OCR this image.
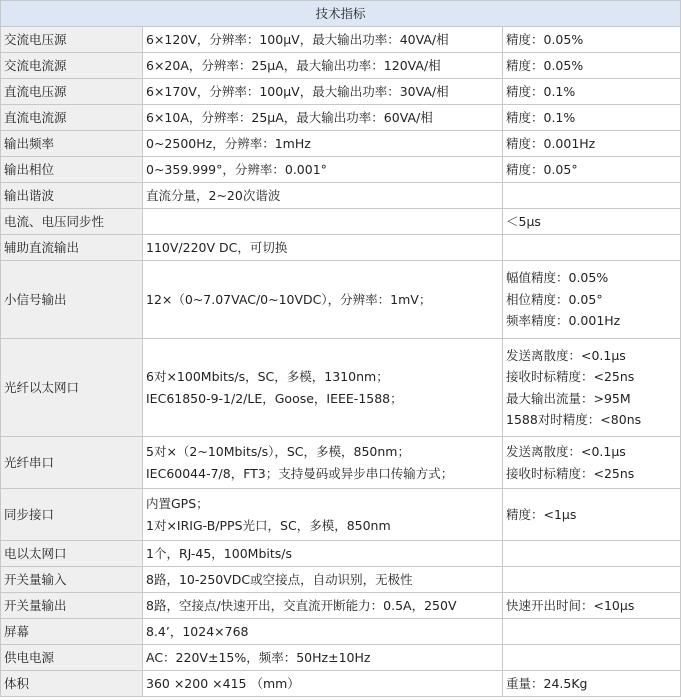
技术指标		
交流电压源	6×120V，分辨率：100μV，最大输出功率：40VA/相	精度：0.05%

交流电流源	6×20A，分辨率：25μA，最大输出功率：120VA/相	精度：0.05%

直流电压源	6×170V，分辨率：100μV，最大输出功率：30VA/相	精度：0.1%

直流电流源	6×10A，分辨率：25μA，最大输出功率：60VA/相	精度：0.1%

输出频率	0~2500Hz，分辨率：1mHz	精度：0.001Hz

输出相位	0~359.999°，分辨率：0.001°	精度：0.05°

输出谐波	直流分量，2~20次谐波	

电流、电压同步性		＜5μs

辅助直流输出	110V/220V DC，可切换	

小信号输出	12×（0~7.07VAC/0~10VDC），分辨率：1mV；	幅值精度：0.05%
相位精度：0.05°
频率精度：0.001Hz

光纤以太网口	6对×100Mbits/s，SC，多模，1310nm；
IEC61850-9-1/2/LE，Goose，IEEE-1588；	发送离散度：<0.1μs
接收时标精度：<25ns
最大输出流量：>95M
1588对时精度：<80ns

光纤串口	5对×（2~10Mbits/s），SC，多模，850nm；
IEC60044-7/8，FT3；支持曼码或异步串口传输方式；	发送离散度：<0.1μs
接收时标精度：<25ns

同步接口	内置GPS；
1对×IRIG-B/PPS光口，SC，多模，850nm	精度：<1μs

电以太网口	1个，RJ-45，100Mbits/s	

开关量输入	8路，10-250VDC或空接点，自动识别，无极性	

开关量输出	8路，空接点/快速开出，交直流开断能力：0.5A，250V	快速开出时间：<10μs

屏幕	8.4’，1024×768	

供电电源	AC：220V±15%，频率：50Hz±10Hz	

体积	360 ×200 ×415 （mm）	重量：24.5Kg
